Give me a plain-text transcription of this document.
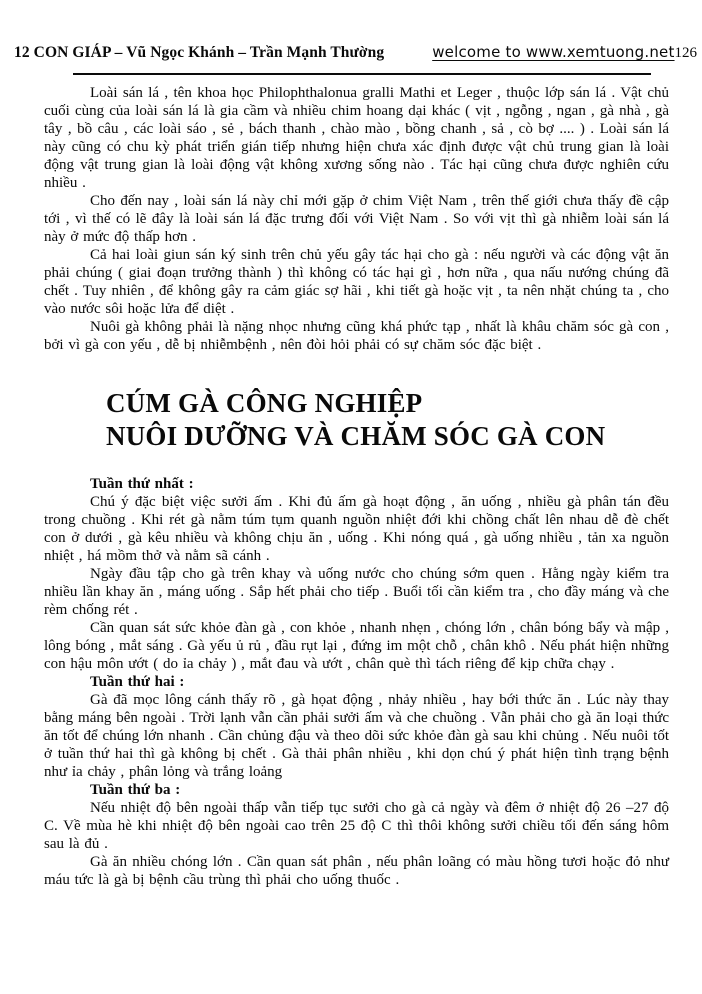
12 CON GIÁP – Vũ Ngọc Khánh – Trần Mạnh Thường	welcome to www.xemtuong.net 126

Loài sán lá , tên khoa học Philophthalonua gralli Mathi et Leger , thuộc lớp sán lá . Vật chủ cuối cùng của loài sán lá là gia cầm và nhiều chim hoang dại khác ( vịt , ngỗng , ngan , gà nhà , gà tây , bồ câu , các loài sáo , sẻ , bách thanh , chào mào , bồng chanh , sả , cò bợ .... ) . Loài sán lá này cũng có chu kỳ phát triển gián tiếp nhưng hiện chưa xác định được vật chủ trung gian là loài động vật trung gian là loài động vật không xương sống nào . Tác hại cũng chưa được nghiên cứu nhiều .

Cho đến nay , loài sán lá này chỉ mới gặp ở chim Việt Nam , trên thế giới chưa thấy đề cập tới , vì thế có lẽ đây là loài sán lá đặc trưng đối với Việt Nam . So với vịt thì gà nhiễm loài sán lá này ở mức độ thấp hơn .

Cả hai loài giun sán ký sinh trên chủ yếu gây tác hại cho gà : nếu người và các động vật ăn phải chúng ( giai đoạn trưởng thành ) thì không có tác hại gì , hơn nữa , qua nấu nướng chúng đã chết . Tuy nhiên , để không gây ra cảm giác sợ hãi , khi tiết gà hoặc vịt , ta nên nhặt chúng ta , cho vào nước sôi hoặc lửa để diệt .

Nuôi gà không phải là nặng nhọc nhưng cũng khá phức tạp , nhất là khâu chăm sóc gà con , bởi vì gà con yếu , dễ bị nhiễmbệnh , nên đòi hỏi phải có sự chăm sóc đặc biệt .

CÚM GÀ CÔNG NGHIỆP
NUÔI DƯỠNG VÀ CHĂM SÓC GÀ CON

Tuần thứ nhất :

Chú ý đặc biệt việc sưởi ấm . Khi đủ ấm gà hoạt động , ăn uống , nhiều gà phân tán đều trong chuồng . Khi rét gà nằm túm tụm quanh nguồn nhiệt đới khi chồng chất lên nhau dễ đè chết con ở dưới , gà kêu nhiều và không chịu ăn , uống . Khi nóng quá , gà uống nhiều , tản xa nguồn nhiệt , há mồm thở và nằm sã cánh .

Ngày đầu tập cho gà trên khay và uống nước cho chúng sớm quen . Hằng ngày kiểm tra nhiều lần khay ăn , máng uống . Sắp hết phải cho tiếp . Buổi tối cần kiểm tra , cho đầy máng và che rèm chống rét .

Cần quan sát sức khỏe đàn gà , con khỏe , nhanh nhẹn , chóng lớn , chân bóng bẩy và mập , lông bóng , mắt sáng . Gà yếu ủ rủ , đầu rụt lại , đứng im một chỗ , chân khô . Nếu phát hiện những con hậu môn ướt ( do ỉa chảy ) , mắt đau và ướt , chân què thì tách riêng để kịp chữa chạy .

Tuần thứ hai :

Gà đã mọc lông cánh thấy rõ , gà họat động , nhảy nhiều , hay bới thức ăn . Lúc này thay bằng máng bên ngoài . Trời lạnh vẫn cần phải sưởi ấm và che chuồng . Vẫn phải cho gà ăn loại thức ăn tốt để chúng lớn nhanh . Cần chủng đậu và theo dõi sức khỏe đàn gà sau khi chủng . Nếu nuôi tốt ở tuần thứ hai thì gà không bị chết . Gà thải phân nhiều , khi dọn chú ý phát hiện tình trạng bệnh như ỉa chảy , phân lỏng và trắng loảng

Tuần thứ ba :

Nếu nhiệt độ bên ngoài thấp vẫn tiếp tục sưởi cho gà cả ngày và đêm ở nhiệt độ 26 –27 độ C. Về mùa hè khi nhiệt độ bên ngoài cao trên 25 độ C thì thôi không sưởi chiều tối đến sáng hôm sau là đủ .

Gà ăn nhiều chóng lớn . Cần quan sát phân , nếu phân loãng có màu hồng tươi hoặc đỏ như máu tức là gà bị bệnh cầu trùng thì phải cho uống thuốc .
